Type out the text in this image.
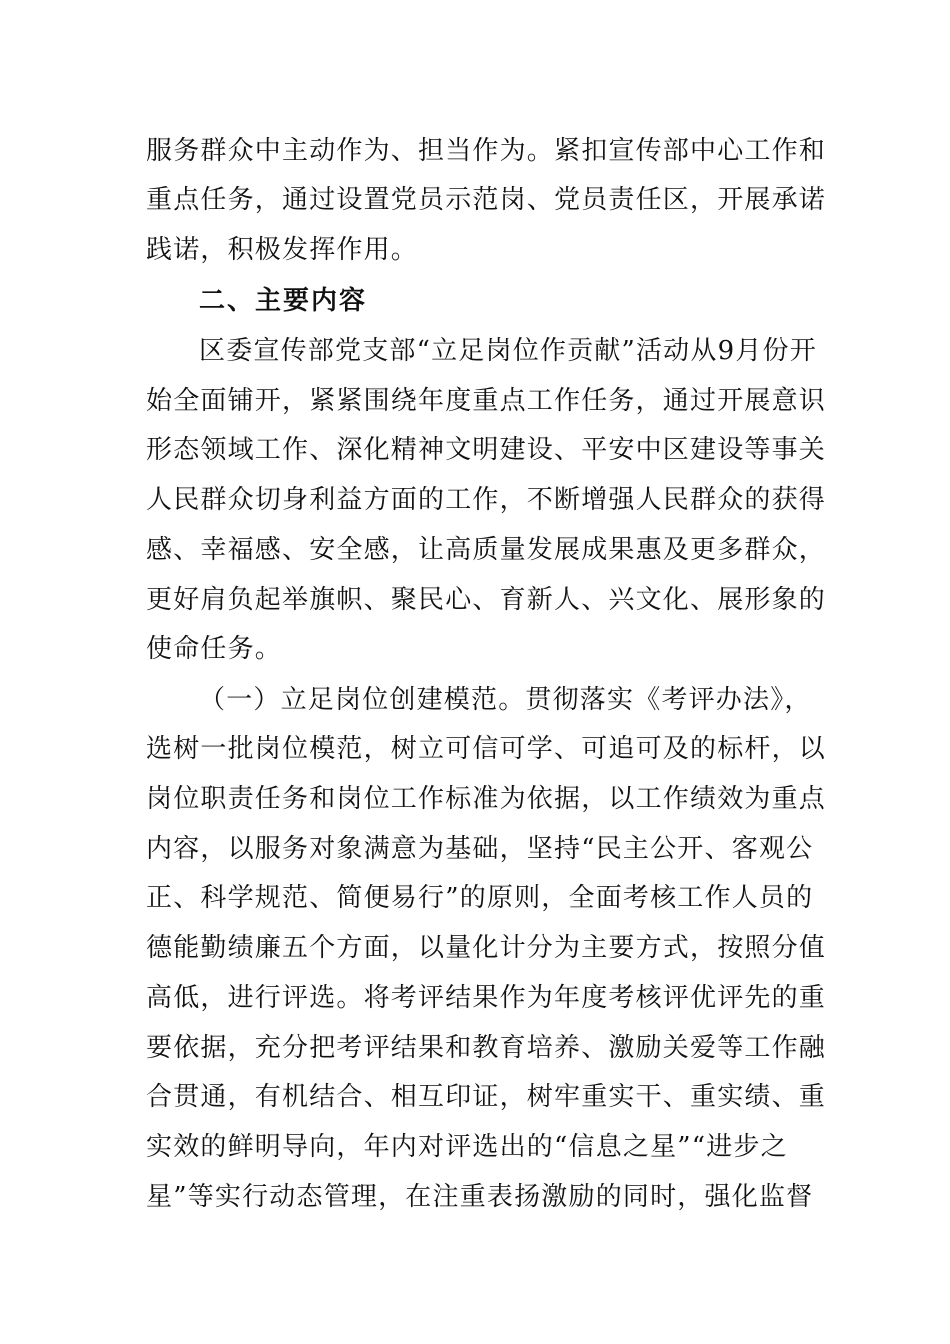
服务群众中主动作为、担当作为。紧扣宣传部中心工作和
重点任务，通过设置党员示范岗、党员责任区，开展承诺
践诺，积极发挥作用。
二、主要内容
区委宣传部党支部“立足岗位作贡献”活动从9月份开
始全面铺开，紧紧围绕年度重点工作任务，通过开展意识
形态领域工作、深化精神文明建设、平安中区建设等事关
人民群众切身利益方面的工作，不断增强人民群众的获得
感、幸福感、安全感，让高质量发展成果惠及更多群众，
更好肩负起举旗帜、聚民心、育新人、兴文化、展形象的
使命任务。
（一）立足岗位创建模范。贯彻落实《考评办法》，
选树一批岗位模范，树立可信可学、可追可及的标杆，以
岗位职责任务和岗位工作标准为依据，以工作绩效为重点
内容，以服务对象满意为基础，坚持“民主公开、客观公
正、科学规范、简便易行”的原则，全面考核工作人员的
德能勤绩廉五个方面，以量化计分为主要方式，按照分值
高低，进行评选。将考评结果作为年度考核评优评先的重
要依据，充分把考评结果和教育培养、激励关爱等工作融
合贯通，有机结合、相互印证，树牢重实干、重实绩、重
实效的鲜明导向，年内对评选出的“信息之星”“进步之
星”等实行动态管理，在注重表扬激励的同时，强化监督
